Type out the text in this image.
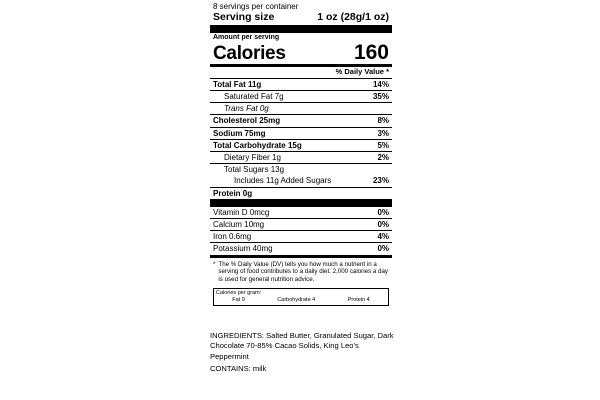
8 servings per container
Serving size	1 oz (28g/1 oz)
Amount per serving
Calories	160
% Daily Value *
Total Fat 11g	14%
Saturated Fat 7g	35%
Trans Fat 0g
Cholesterol 25mg	8%
Sodium 75mg	3%
Total Carbohydrate 15g	5%
Dietary Fiber 1g	2%
Total Sugars 13g
Includes 11g Added Sugars	23%
Protein 0g
Vitamin D 0mcg	0%
Calcium 10mg	0%
Iron 0.6mg	4%
Potassium 40mg	0%
* The % Daily Value (DV) tells you how much a nutrient in a serving of food contributes to a daily diet. 2,000 calories a day is used for general nutrition advice.
Calories per gram:
Fat 9	Carbohydrate 4	Protein 4
INGREDIENTS: Salted Butter, Granulated Sugar, Dark Chocolate 70-85% Cacao Solids, King Leo's Peppermint
CONTAINS: milk
